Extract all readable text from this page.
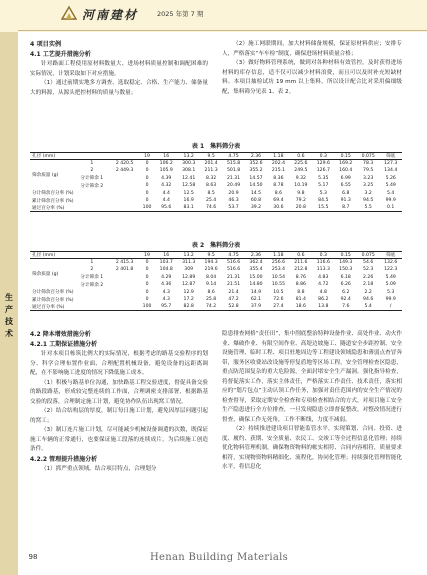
河南建材	2025 年第 7 期
生产技术
4 项目实例
4.1 工艺提升措施分析

针对路面工程使用原材料数量大、进场材料质量控制和调配困难的实际情况，计划采取如下对应措施。

（1）通过前期实地多方调查，选取稳定、合格、生产能力、储备量大的料源，从源头把控材料的质量与数量；

（2）施工网联期间，加大材料储备规模，保证原材料供应；安排专人，严格落实“车车检”制度，确保进场材料质量合格；

（3）做好物料管理系统，做到对各种材料有效管控，及时获得进场材料的库存信息，适不仅可以减少材料浪费，而且可以及时补充短缺材料。本项目抽检试坊 19 mm 以上集料，所以设计配合比对采用偏细级配，集料筛分见表 1、表 2。

表 1　集料筛分表
孔径 (mm)			19	16	13.2	9.5	4.75	2.36	1.18	0.6	0.3	0.15	0.075	筛底
筛余质量 (g)	1	2 420.5	0	106.2	300.3	201.4	515.8	352.6	202.4	225.6	129.6	169.2	78.3	127.3
	2	2 449.3	0	105.9	308.1	211.3	501.8	355.2	215.1	249.5	126.7	160.4	79.5	134.4
	分计筛余 1		0	4.39	12.41	8.32	21.31	14.57	8.36	9.32	5.35	6.99	3.23	5.26
	分计筛余 2		0	4.32	12.58	8.63	20.49	14.50	8.78	10.19	5.17	6.55	3.25	5.49
分计筛余百分率 (%)			0	4.4	12.5	8.5	20.9	14.5	8.6	9.8	5.3	6.8	3.2	5.4
累计筛余百分率 (%)			0	4.4	16.9	25.4	46.3	60.8	69.4	79.2	84.5	91.3	94.5	99.9
通过百分率 (%)			100	95.6	83.1	74.6	53.7	39.2	30.6	20.8	15.5	8.7	5.5	0.1
表 2　集料筛分表
孔径 (mm)			19	16	13.2	9.5	4.75	2.36	1.18	0.6	0.3	0.15	0.075	筛底
筛余质量 (g)	1	2 415.3	0	103.7	311.3	194.3	516.6	362.4	256.6	211.6	116.6	149.3	54.6	132.6
	2	2 401.8	0	104.8	309	219.6	516.6	355.4	253.4	212.8	113.3	150.3	52.3	122.3
	分计筛余 1		0	4.29	12.89	8.04	21.31	15.00	10.54	8.76	4.83	6.18	2.26	5.49
	分计筛余 2		0	4.36	12.87	9.14	21.51	14.80	10.55	8.86	4.72	6.26	2.18	5.09
分计筛余百分率 (%)			0	4.3	12.9	8.6	21.4	14.9	10.5	8.8	4.8	6.2	2.2	5.3
累计筛余百分率 (%)			0	4.3	17.2	25.8	47.2	62.1	72.6	81.4	86.2	92.4	94.6	99.9
通过百分率 (%)			100	95.7	82.8	74.2	52.8	37.9	27.4	18.6	13.8	7.6	5.4	/
4.2 降本增效措施分析
4.2.1 工期保证措施分析

针对本项目栋筑比例大的实际情况，根据考虑的路基交验程序的划分、科学合理布置作业面、合理配置机械设备，避免设备的远距离调配，在不影响施工进度的情况下降低施工成本。

（1）积极与路基单位沟通，加快路基工程交验进度，督促具备交验的路段路基，形成较完整连续的工作面，合理调密支排部署，根据路基交验的段落，合理制定施工计划，避免协作队伍出现窝工情况。

（2）结合结构层的厚度，制订每日施工计划，避免因厚层问题引起的窝工；

（3）制订连片施工计划，尽可能减少机械设备调遣的次数，既保证施工车辆的正常通行，也要保证施工段落的连续成片，为后续施工创造条件。

4.2.2 管理提升措施分析

（1）抓严重点领域。结合项目特点，合理划分

隐患排查网格“责任田”，集中削底整治特种设备作业、高处作业、动火作业、爆破作业、有限空间作业、高堤边坡施工、隧道安全步距控制、安全设施管理、临时工程、项目驻地周边等工程建设领域隐患和薄弱点查冒奔带，服务区收费站改设施等停复盾地等区场工程，安全管理检查区隐患，重点防范围复杂的重大危险源，全面封堵安全生产漏洞。强化指导检查，将督促落实工作，落实主体责任，严格落实工作责任、技术责任，落实相应的“划片包点”主动认领工作任务，加强对责任范围内的安全生产情况的检查督导，采取定期安全检查和专项检查相结合的方式，对项目施工安全生产隐患进行全方位排查，一旦发现隐患立即督促整改，对整改情况进行督查，确保工作无死角，工作不断线，力度不减弱。

（2）持续推进建设项目智能监管水平，实现策划、合同、投资、进度、履约、获期、安全质量、农民工、交竣工等全过程信息化管理；持续优化物料管理机制，确保物资物料的帐实相符、合同内容相符，质量要求相符，实现物资物料精细化、流程化，协同化管理；持续强化管理智能化水平，将信息化

98	Henan Building Materials
